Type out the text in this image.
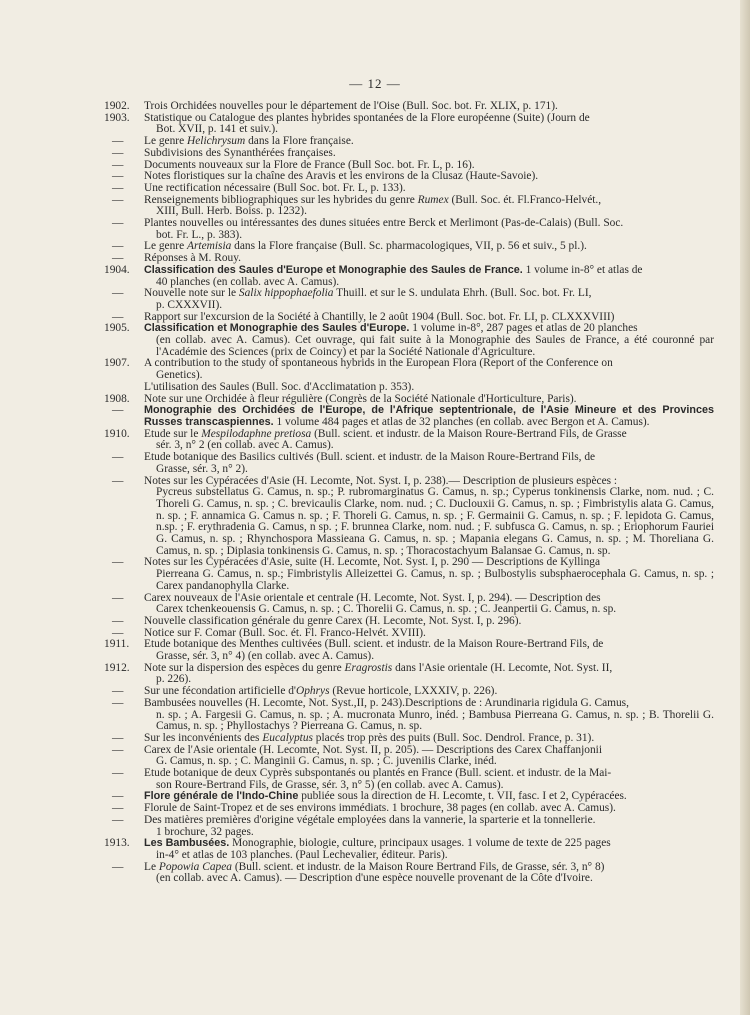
— 12 —
1902.	Trois Orchidées nouvelles pour le département de l'Oise (Bull. Soc. bot. Fr. XLIX, p. 171).
1903.	Statistique ou Catalogue des plantes hybrides spontanées de la Flore européenne (Suite) (Journ de
Bot. XVII, p. 141 et suiv.).
—	Le genre Helichrysum dans la Flore française.
—	Subdivisions des Synanthérées françaises.
—	Documents nouveaux sur la Flore de France (Bull Soc. bot. Fr. L, p. 16).
—	Notes floristiques sur la chaîne des Aravis et les environs de la Clusaz (Haute-Savoie).
—	Une rectification nécessaire (Bull Soc. bot. Fr. L, p. 133).
—	Renseignements bibliographiques sur les hybrides du genre Rumex (Bull. Soc. ét. Fl.Franco-Helvét.,
XIII, Bull. Herb. Boiss. p. 1232).
—	Plantes nouvelles ou intéressantes des dunes situées entre Berck et Merlimont (Pas-de-Calais) (Bull. Soc.
bot. Fr. L., p. 383).
—	Le genre Artemisia dans la Flore française (Bull. Sc. pharmacologiques, VII, p. 56 et suiv., 5 pl.).
—	Réponses à M. Rouy.
1904.	Classification des Saules d'Europe et Monographie des Saules de France. 1 volume in-8° et atlas de
40 planches (en collab. avec A. Camus).
—	Nouvelle note sur le Salix hippophaefolia Thuill. et sur le S. undulata Ehrh. (Bull. Soc. bot. Fr. LI,
p. CXXXVII).
—	Rapport sur l'excursion de la Société à Chantilly, le 2 août 1904 (Bull. Soc. bot. Fr. LI, p. CLXXXVIII)
1905.	Classification et Monographie des Saules d'Europe. 1 volume in-8°, 287 pages et atlas de 20 planches
(en collab. avec A. Camus). Cet ouvrage, qui fait suite à la Monographie des Saules de France, a été couronné par l'Académie des Sciences (prix de Coincy) et par la Société Nationale d'Agriculture.
1907.	A contribution to the study of spontaneous hybrids in the European Flora (Report of the Conference on
Genetics).
L'utilisation des Saules (Bull. Soc. d'Acclimatation p. 353).
1908.	Note sur une Orchidée à fleur régulière (Congrès de la Société Nationale d'Horticulture, Paris).
—	Monographie des Orchidées de l'Europe, de l'Afrique septentrionale, de l'Asie Mineure et des Provinces Russes transcaspiennes. 1 volume 484 pages et atlas de 32 planches (en collab. avec Bergon et A. Camus).
1910.	Etude sur le Mespilodaphne pretiosa (Bull. scient. et industr. de la Maison Roure-Bertrand Fils, de Grasse
sér. 3, n° 2 (en collab. avec A. Camus).
—	Etude botanique des Basilics cultivés (Bull. scient. et industr. de la Maison Roure-Bertrand Fils, de
Grasse, sér. 3, n° 2).
—	Notes sur les Cypéracées d'Asie (H. Lecomte, Not. Syst. I, p. 238).— Description de plusieurs espèces :
Pycreus substellatus G. Camus, n. sp.; P. rubromarginatus G. Camus, n. sp.; Cyperus tonkinensis Clarke, nom. nud. ; C. Thoreli G. Camus, n. sp. ; C. brevicaulis Clarke, nom. nud. ; C. Duclouxii G. Camus, n. sp. ; Fimbristylis alata G. Camus, n. sp. ; F. annamica G. Camus n. sp. ; F. Thoreli G. Camus, n. sp. ; F. Germainii G. Camus, n. sp. ; F. lepidota G. Camus, n.sp. ; F. erythradenia G. Camus, n sp. ; F. brunnea Clarke, nom. nud. ; F. subfusca G. Camus, n. sp. ; Eriophorum Fauriei G. Camus, n. sp. ; Rhynchospora Massieana G. Camus, n. sp. ; Mapania elegans G. Camus, n. sp. ; M. Thoreliana G. Camus, n. sp. ; Diplasia tonkinensis G. Camus, n. sp. ; Thoracostachyum Balansae G. Camus, n. sp.
—	Notes sur les Cypéracées d'Asie, suite (H. Lecomte, Not. Syst. I, p. 290 — Descriptions de Kyllinga
Pierreana G. Camus, n. sp.; Fimbristylis Alleizettei G. Camus, n. sp. ; Bulbostylis subsphaerocephala G. Camus, n. sp. ; Carex pandanophylla Clarke.
—	Carex nouveaux de l'Asie orientale et centrale (H. Lecomte, Not. Syst. I, p. 294). — Description des
Carex tchenkeouensis G. Camus, n. sp. ; C. Thorelii G. Camus, n. sp. ; C. Jeanpertii G. Camus, n. sp.
—	Nouvelle classification générale du genre Carex (H. Lecomte, Not. Syst. I, p. 296).
—	Notice sur F. Comar (Bull. Soc. ét. Fl. Franco-Helvét. XVIII).
1911.	Etude botanique des Menthes cultivées (Bull. scient. et industr. de la Maison Roure-Bertrand Fils, de
Grasse, sér. 3, n° 4) (en collab. avec A. Camus).
1912.	Note sur la dispersion des espèces du genre Eragrostis dans l'Asie orientale (H. Lecomte, Not. Syst. II,
p. 226).
—	Sur une fécondation artificielle d'Ophrys (Revue horticole, LXXXIV, p. 226).
—	Bambusées nouvelles (H. Lecomte, Not. Syst.,II, p. 243).Descriptions de : Arundinaria rigidula G. Camus,
n. sp. ; A. Fargesii G. Camus, n. sp. ; A. mucronata Munro, inéd. ; Bambusa Pierreana G. Camus, n. sp. ; B. Thorelii G. Camus, n. sp. ; Phyllostachys ? Pierreana G. Camus, n. sp.
—	Sur les inconvénients des Eucalyptus placés trop près des puits (Bull. Soc. Dendrol. France, p. 31).
—	Carex de l'Asie orientale (H. Lecomte, Not. Syst. II, p. 205). — Descriptions des Carex Chaffanjonii
G. Camus, n. sp. ; C. Manginii G. Camus, n. sp. ; C. juvenilis Clarke, inéd.
—	Etude botanique de deux Cyprès subspontanés ou plantés en France (Bull. scient. et industr. de la Mai-
son Roure-Bertrand Fils, de Grasse, sér. 3, n° 5) (en collab. avec A. Camus).
—	Flore générale de l'Indo-Chine publiée sous la direction de H. Lecomte, t. VII, fasc. I et 2, Cypéracées.
—	Florule de Saint-Tropez et de ses environs immédiats. 1 brochure, 38 pages (en collab. avec A. Camus).
—	Des matières premières d'origine végétale employées dans la vannerie, la sparterie et la tonnellerie.
1 brochure, 32 pages.
1913.	Les Bambusées. Monographie, biologie, culture, principaux usages. 1 volume de texte de 225 pages
in-4° et atlas de 103 planches. (Paul Lechevalier, éditeur. Paris).
—	Le Popowia Capea (Bull. scient. et industr. de la Maison Roure Bertrand Fils, de Grasse, sér. 3, n° 8)
(en collab. avec A. Camus). — Description d'une espèce nouvelle provenant de la Côte d'Ivoire.
